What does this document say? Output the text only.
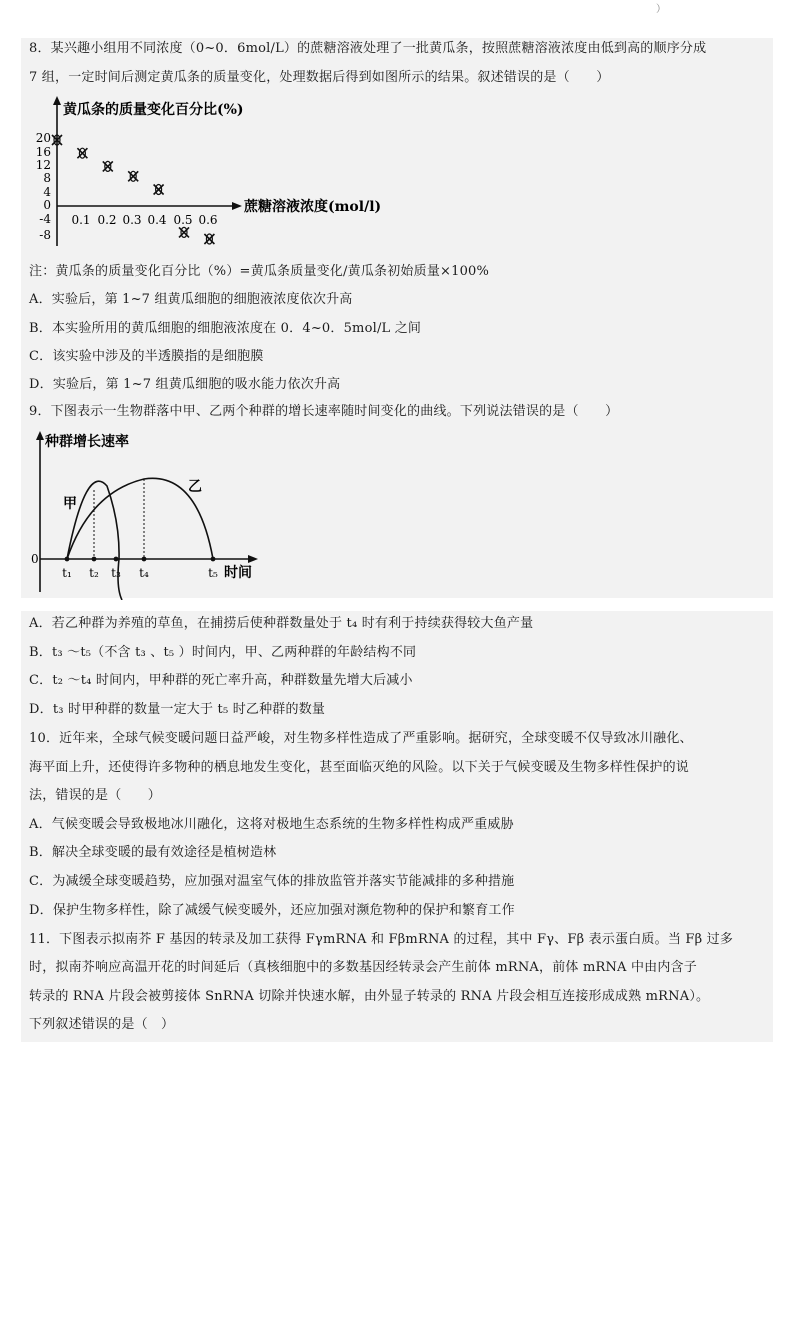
）
8．某兴趣小组用不同浓度（0~0．6mol/L）的蔗糖溶液处理了一批黄瓜条，按照蔗糖溶液浓度由低到高的顺序分成
7 组，一定时间后测定黄瓜条的质量变化，处理数据后得到如图所示的结果。叙述错误的是（　　）
黄瓜条的质量变化百分比(%)
蔗糖溶液浓度(mol/l)
20
16
12
8
4
0
-4
-8
0.1 0.2 0.3 0.4 0.5 0.6
注：黄瓜条的质量变化百分比（%）=黄瓜条质量变化/黄瓜条初始质量×100%
A．实验后，第 1~7 组黄瓜细胞的细胞液浓度依次升高
B．本实验所用的黄瓜细胞的细胞液浓度在 0．4~0．5mol/L 之间
C．该实验中涉及的半透膜指的是细胞膜
D．实验后，第 1~7 组黄瓜细胞的吸水能力依次升高
9．下图表示一生物群落中甲、乙两个种群的增长速率随时间变化的曲线。下列说法错误的是（　　）
种群增长速率
0
时间
甲
乙
t₁ t₂ t₃ t₄	t₅
A．若乙种群为养殖的草鱼，在捕捞后使种群数量处于 t₄ 时有利于持续获得较大鱼产量
B．t₃ ～t₅（不含 t₃ 、t₅ ）时间内，甲、乙两种群的年龄结构不同
C．t₂ ～t₄ 时间内，甲种群的死亡率升高，种群数量先增大后减小
D．t₃ 时甲种群的数量一定大于 t₅ 时乙种群的数量
10．近年来，全球气候变暖问题日益严峻，对生物多样性造成了严重影响。据研究，全球变暖不仅导致冰川融化、
海平面上升，还使得许多物种的栖息地发生变化，甚至面临灭绝的风险。以下关于气候变暖及生物多样性保护的说
法，错误的是（　　）
A．气候变暖会导致极地冰川融化，这将对极地生态系统的生物多样性构成严重威胁
B．解决全球变暖的最有效途径是植树造林
C．为减缓全球变暖趋势，应加强对温室气体的排放监管并落实节能减排的多种措施
D．保护生物多样性，除了减缓气候变暖外，还应加强对濒危物种的保护和繁育工作
11．下图表示拟南芥 F 基因的转录及加工获得 FγmRNA 和 FβmRNA 的过程，其中 Fγ、Fβ 表示蛋白质。当 Fβ 过多
时，拟南芥响应高温开花的时间延后（真核细胞中的多数基因经转录会产生前体 mRNA，前体 mRNA 中由内含子
转录的 RNA 片段会被剪接体 SnRNA 切除并快速水解，由外显子转录的 RNA 片段会相互连接形成成熟 mRNA）。
下列叙述错误的是（　）
